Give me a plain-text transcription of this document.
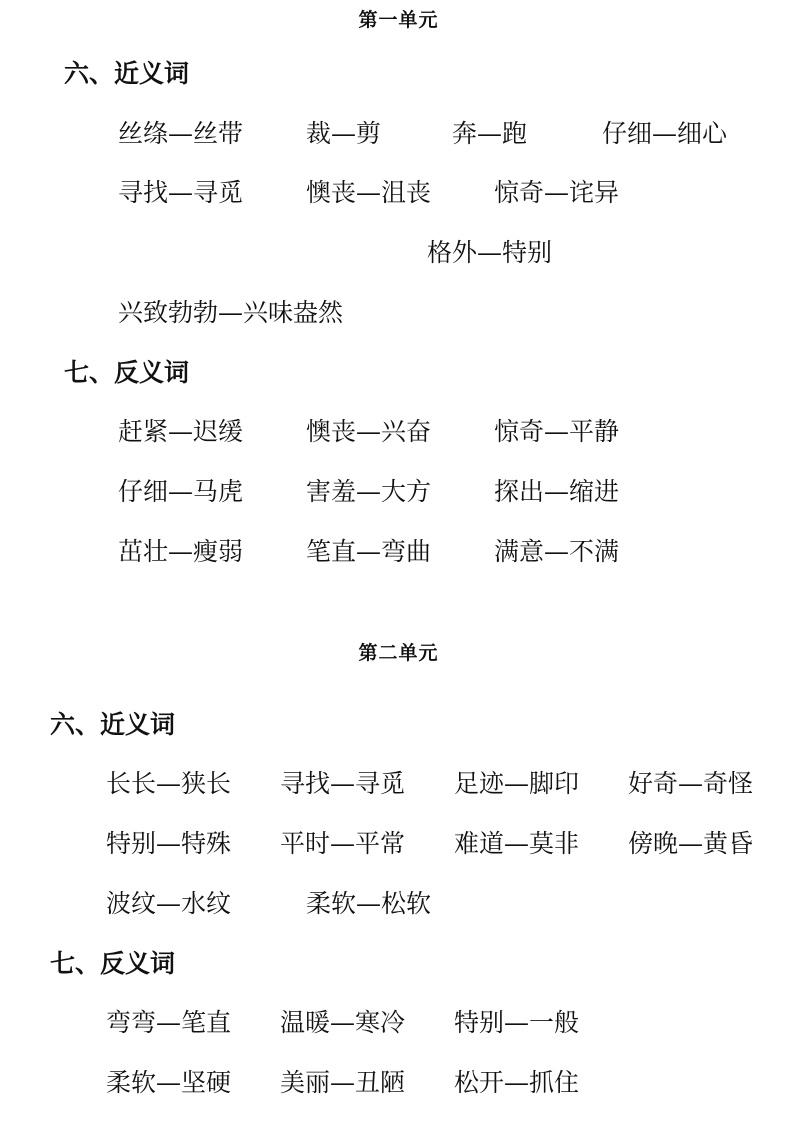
第一单元
六、近义词
丝绦—丝带	裁—剪	奔—跑	仔细—细心
寻找—寻觅	懊丧—沮丧	惊奇—诧异
格外—特别
兴致勃勃—兴味盎然
七、反义词
赶紧—迟缓	懊丧—兴奋	惊奇—平静
仔细—马虎	害羞—大方	探出—缩进
茁壮—瘦弱	笔直—弯曲	满意—不满
第二单元
六、近义词
长长—狭长 寻找—寻觅 足迹—脚印 好奇—奇怪
特别—特殊 平时—平常 难道—莫非 傍晚—黄昏
波纹—水纹	柔软—松软
七、反义词
弯弯—笔直 温暖—寒冷 特别—一般
柔软—坚硬 美丽—丑陋 松开—抓住
